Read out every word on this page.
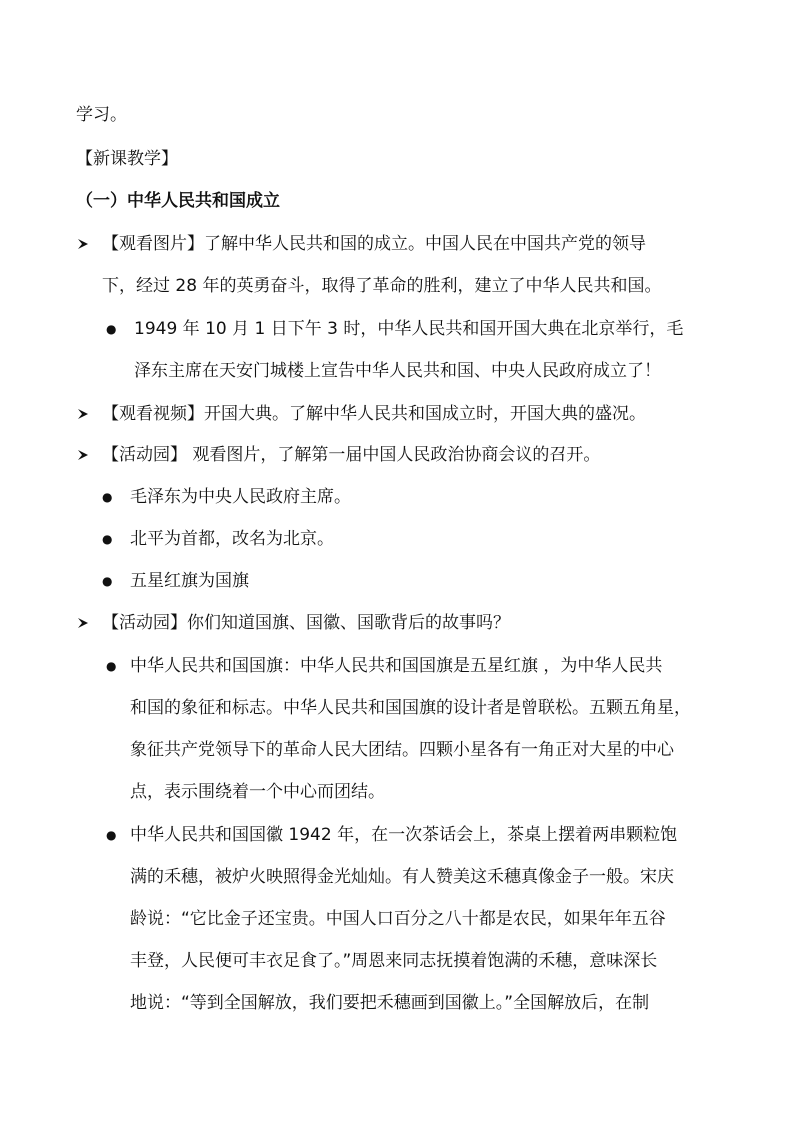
学习。
【新课教学】
（一）中华人民共和国成立
【观看图片】了解中华人民共和国的成立。中国人民在中国共产党的领导
下，经过 28 年的英勇奋斗，取得了革命的胜利，建立了中华人民共和国。
● 1949 年 10 月 1 日下午 3 时，中华人民共和国开国大典在北京举行，毛
泽东主席在天安门城楼上宣告中华人民共和国、中央人民政府成立了！
【观看视频】开国大典。了解中华人民共和国成立时，开国大典的盛况。
【活动园】 观看图片，了解第一届中国人民政治协商会议的召开。
● 毛泽东为中央人民政府主席。
● 北平为首都，改名为北京。
● 五星红旗为国旗
【活动园】你们知道国旗、国徽、国歌背后的故事吗？
● 中华人民共和国国旗：中华人民共和国国旗是五星红旗 ，为中华人民共
和国的象征和标志。中华人民共和国国旗的设计者是曾联松。五颗五角星，
象征共产党领导下的革命人民大团结。四颗小星各有一角正对大星的中心
点，表示围绕着一个中心而团结。
● 中华人民共和国国徽 1942 年，在一次茶话会上，茶桌上摆着两串颗粒饱
满的禾穗，被炉火映照得金光灿灿。有人赞美这禾穗真像金子一般。宋庆
龄说：“它比金子还宝贵。中国人口百分之八十都是农民，如果年年五谷
丰登，人民便可丰衣足食了。”周恩来同志抚摸着饱满的禾穗，意味深长
地说：“等到全国解放，我们要把禾穗画到国徽上。”全国解放后，在制
